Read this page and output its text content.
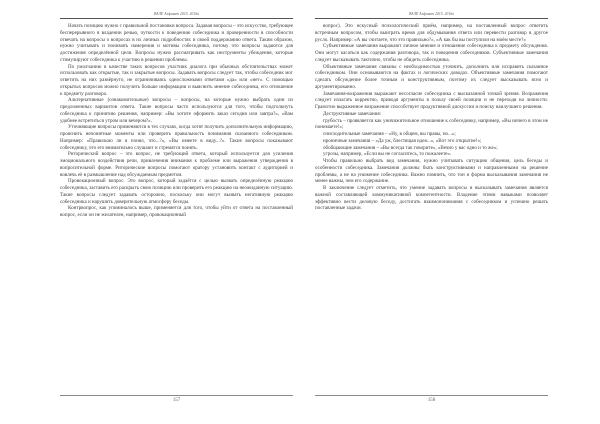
ВАЛЕ Алфавит 2015. 2016в

Начать позицию нужно с правильной постановки вопроса. Задавая вопросы – это искусство, требующее бесперерывного в владении речью, чуткости к поведению собеседника и проверенности в способности отвечать на вопросы о вопросах в их личных подробностях и своей поддержанию ответа. Таким образом, нужно учитывать и понимать намерения и мотивы собеседника, потому что вопросы задаются для достижения определённой цели. Вопросы нужно рассматривать как инструменты убеждения, которые стимулируют собеседника к участию в решении проблемы.

По умолчанию в качестве таких вопросов участник диалога при обычных обстоятельствах может использовать как открытые, так и закрытые вопросы. Задавать вопросы следует так, чтобы собеседник мог ответить на них развёрнуто, не ограничиваясь односложными ответами «да» или «нет». С помощью открытых вопросов можно получить больше информации и выяснить мнение собеседника, его отношение к предмету разговора.

Альтернативные (ознакомительные) вопросы – вопросы, на которые нужно выбрать один из предложенных вариантов ответа. Такие вопросы часто используются для того, чтобы подтолкнуть собеседника к принятию решения, например: «Вы хотите оформить заказ сегодня или завтра?», «Вам удобнее встретиться утром или вечером?».

Уточняющие вопросы применяются в тех случаях, когда хотят получить дополнительную информацию, прояснить непонятные моменты или проверить правильность понимания сказанного собеседником. Например: «Правильно ли я понял, что...?», «Вы имеете в виду...?». Такие вопросы показывают собеседнику, что его внимательно слушают и стремятся понять.

Риторический вопрос – это вопрос, не требующий ответа, который используется для усиления эмоционального воздействия речи, привлечения внимания к проблеме или выражения утверждения в вопросительной форме. Риторические вопросы помогают оратору установить контакт с аудиторией и вовлечь её в размышление над обсуждаемым предметом.

Провокационный вопрос. Это вопрос, который задаётся с целью вызвать определённую реакцию собеседника, заставить его раскрыть свою позицию или проверить его реакцию на неожиданную ситуацию. Такие вопросы следует задавать осторожно, поскольку они могут вызвать негативную реакцию собеседника и нарушить доверительную атмосферу беседы.

Контрвопрос, как упоминалось выше, применяется для того, чтобы уйти от ответа на поставленный вопрос, если он не желателен, например, провокационный

157
ВАЛЕ Алфавит 2015. 2016в

вопрос). Это искусный психологический приём, например, на поставленный вопрос ответить встречным вопросом, чтобы выиграть время для обдумывания ответа или перевести разговор в другое русло. Например: «А вы считаете, что это правильно?», «А как бы вы поступили на моём месте?»

Субъективные замечания выражают личное мнение и отношение собеседника к предмету обсуждения. Они могут касаться как содержания разговора, так и поведения собеседников. Субъективные замечания следует высказывать тактично, чтобы не обидеть собеседника.

Объективные замечания связаны с необходимостью уточнить, дополнить или исправить сказанное собеседником. Они основываются на фактах и логических доводах. Объективные замечания помогают сделать обсуждение более точным и конструктивным, поэтому их следует высказывать ясно и аргументированно.

Замечания-возражения выражают несогласие собеседника с высказанной точкой зрения. Возражения следует излагать корректно, приводя аргументы в пользу своей позиции и не переходя на личности. Грамотно выраженное возражение способствует продуктивной дискуссии и поиску наилучшего решения.

Деструктивные замечания:

грубость – проявляется как уничижительное отношение к собеседнику, например, «Вы ничего в этом не понимаете!»;

снисходительные замечания – «Ну, в общем, вы правы, но...»;

ироничные замечания – «Да уж, блестящая идея...», «Вот это открытие!»;

обобщающие замечания – «Вы всегда так говорите», «Вечно у вас одно и то же»;

угрозы, например, «Если вы не согласитесь, то пожалеете».

Чтобы правильно выбрать вид замечания, нужно учитывать ситуацию общения, цель беседы и особенности собеседника. Замечания должны быть конструктивными и направленными на решение проблемы, а не на унижение собеседника. Важно помнить, что тон и форма высказывания замечания не менее важны, чем его содержание.

В заключение следует отметить, что умение задавать вопросы и высказывать замечания является важной составляющей коммуникативной компетентности. Владение этими навыками позволяет эффективно вести деловую беседу, достигать взаимопонимания с собеседником и успешно решать поставленные задачи.

158
